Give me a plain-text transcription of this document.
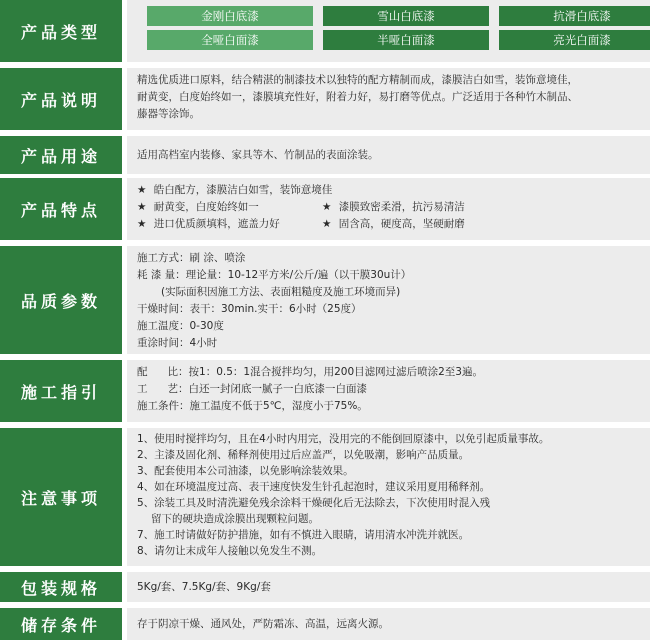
产品类型
金刚白底漆	雪山白底漆	抗滑白底漆
全哑白面漆	半哑白面漆	亮光白面漆
产品说明
精选优质进口原料，结合精湛的制漆技术以独特的配方精制而成，漆膜洁白如雪，装饰意境佳，
耐黄变，白度始终如一，漆膜填充性好，附着力好，易打磨等优点。广泛适用于各种竹木制品、
藤器等涂饰。
产品用途	适用高档室内装修、家具等木、竹制品的表面涂装。
产品特点
★ 皓白配方，漆膜洁白如雪，装饰意境佳
★ 耐黄变，白度始终如一	★ 漆膜致密柔滑，抗污易清洁
★ 进口优质颜填料，遮盖力好	★ 固含高，硬度高，坚硬耐磨
品质参数
施工方式：刷 涂、喷涂
耗 漆 量：理论量：10-12平方米/公斤/遍（以干膜30u计）
(实际面积因施工方法、表面粗糙度及施工环境而异)
干燥时间：表干：30min.实干：6小时（25度）
施工温度：0-30度
重涂时间：4小时
施工指引
配      比：按1：0.5：1混合搅拌均匀，用200目滤网过滤后喷涂2至3遍。
工      艺：白还一封闭底一腻子一白底漆一白面漆
施工条件：施工温度不低于5℃，湿度小于75%。
注意事项
1、使用时搅拌均匀，且在4小时内用完，没用完的不能倒回原漆中，以免引起质量事故。
2、主漆及固化剂、稀释剂使用过后应盖严，以免吸潮，影响产品质量。
3、配套使用本公司油漆，以免影响涂装效果。
4、如在环境温度过高、表干速度快发生针孔起泡时，建议采用夏用稀释剂。
5、涂装工具及时清洗避免残余涂料干燥硬化后无法除去，下次使用时混入残
留下的硬块造成涂膜出现颗粒问题。
7、施工时请做好防护措施，如有不慎进入眼睛，请用清水冲洗并就医。
8、请勿让末成年人接触以免发生不测。
包装规格	5Kg/套、7.5Kg/套、9Kg/套
储存条件	存于阴凉干燥、通风处，严防霜冻、高温，远离火源。
